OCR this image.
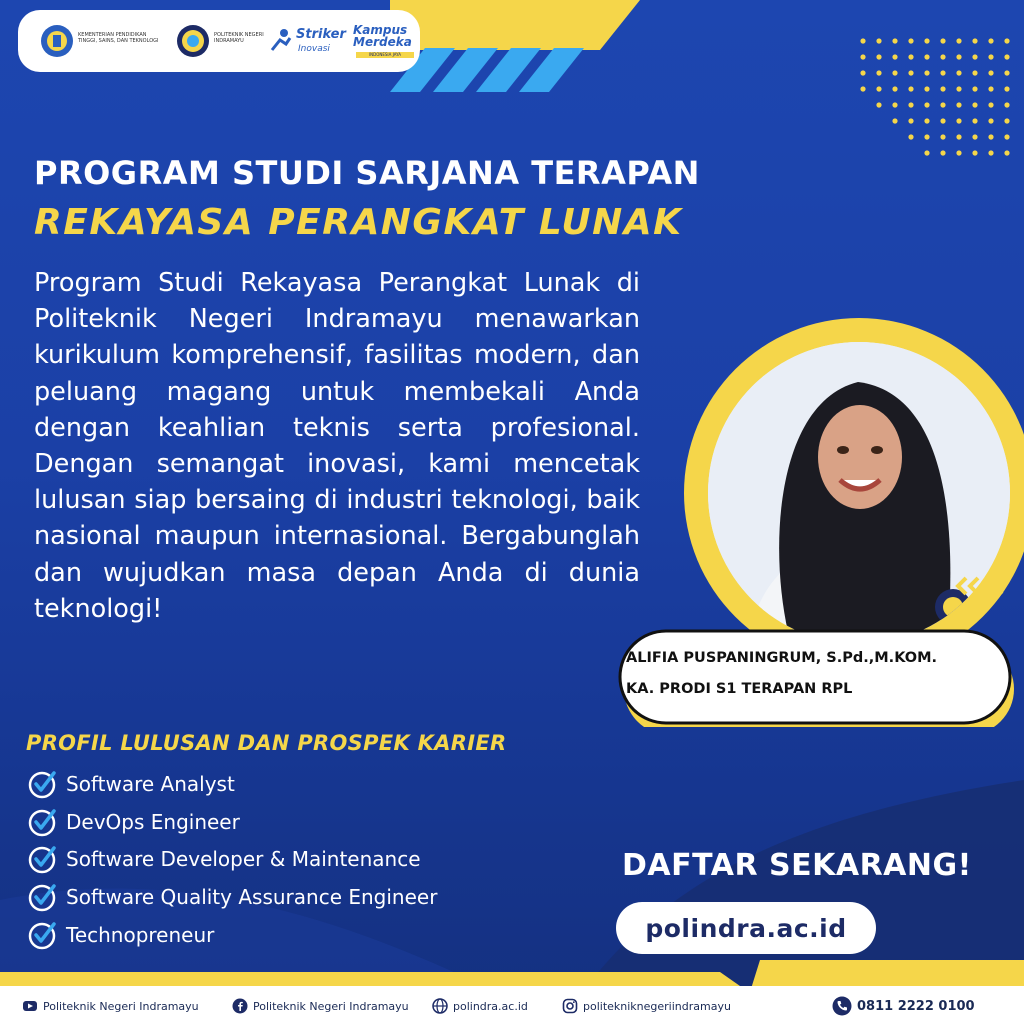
KEMENTERIAN PENDIDIKAN TINGGI, SAINS, DAN TEKNOLOGI
POLITEKNIK NEGERI INDRAMAYU	Striker
Inovasi
Kampus Merdeka
INDONESIA JAYA
PROGRAM STUDI SARJANA TERAPAN
REKAYASA PERANGKAT LUNAK
Program Studi Rekayasa Perangkat Lunak di Politeknik Negeri Indramayu menawarkan kurikulum komprehensif, fasilitas modern, dan peluang magang untuk membekali Anda dengan keahlian teknis serta profesional. Dengan semangat inovasi, kami mencetak lulusan siap bersaing di industri teknologi, baik nasional maupun internasional. Bergabunglah dan wujudkan masa depan Anda di dunia teknologi!
ALIFIA PUSPANINGRUM, S.Pd.,M.KOM.
KA. PRODI S1 TERAPAN RPL
PROFIL LULUSAN DAN PROSPEK KARIER
Software Analyst
DevOps Engineer
Software Developer & Maintenance
Software Quality Assurance Engineer
Technopreneur
DAFTAR SEKARANG!
polindra.ac.id
Politeknik Negeri Indramayu	Politeknik Negeri Indramayu	polindra.ac.id	politekniknegeriindramayu	0811 2222 0100
